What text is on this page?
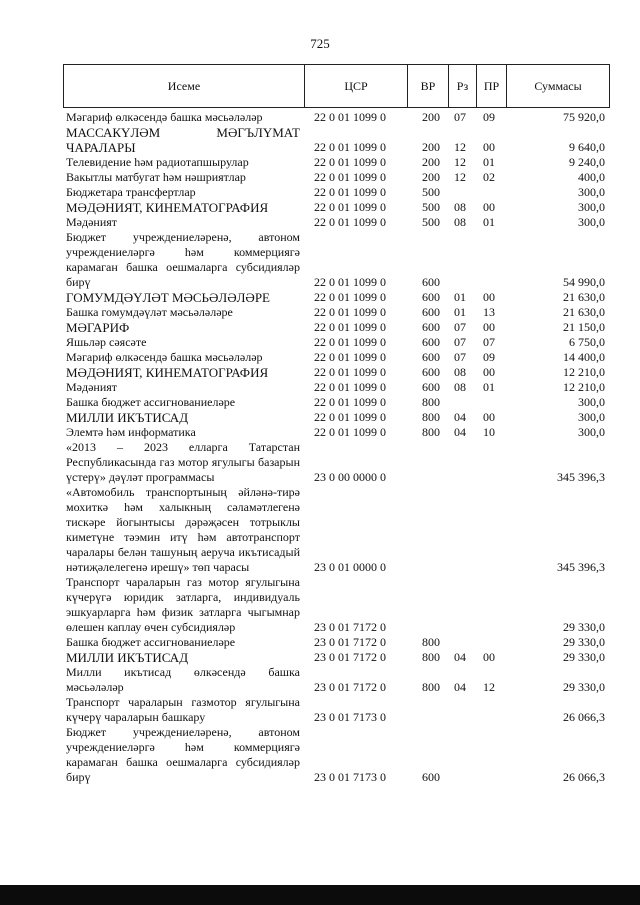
725
Исеме	ЦСР	ВР	Рз	ПР	Суммасы
Мәгариф өлкәсендә башка мәсьәләләр	22 0 01 1099 0	200	07	09	75 920,0
МАССАКҮЛӘМ МӘГЪЛҮМАТ ЧАРАЛАРЫ	22 0 01 1099 0	200	12	00	9 640,0
Телевидение һәм радиотапшырулар	22 0 01 1099 0	200	12	01	9 240,0
Вакытлы матбугат һәм нәшриятлар	22 0 01 1099 0	200	12	02	400,0
Бюджетара трансфертлар	22 0 01 1099 0	500			300,0
МӘДӘНИЯТ, КИНЕМАТОГРАФИЯ	22 0 01 1099 0	500	08	00	300,0
Мәдәният	22 0 01 1099 0	500	08	01	300,0
Бюджет учреждениеләренә, автоном учреждениеләргә һәм коммерциягә карамаган башка оешмаларга субсидияләр бирү	22 0 01 1099 0	600			54 990,0
ГОМУМДӘҮЛӘТ МӘСЬӘЛӘЛӘРЕ	22 0 01 1099 0	600	01	00	21 630,0
Башка гомумдәүләт мәсьәләләре	22 0 01 1099 0	600	01	13	21 630,0
МӘГАРИФ	22 0 01 1099 0	600	07	00	21 150,0
Яшьләр сәясәте	22 0 01 1099 0	600	07	07	6 750,0
Мәгариф өлкәсендә башка мәсьәләләр	22 0 01 1099 0	600	07	09	14 400,0
МӘДӘНИЯТ, КИНЕМАТОГРАФИЯ	22 0 01 1099 0	600	08	00	12 210,0
Мәдәният	22 0 01 1099 0	600	08	01	12 210,0
Башка бюджет ассигнованиеләре	22 0 01 1099 0	800			300,0
МИЛЛИ ИКЪТИСАД	22 0 01 1099 0	800	04	00	300,0
Элемтә һәм информатика	22 0 01 1099 0	800	04	10	300,0
«2013 – 2023 елларга Татарстан Республикасында газ мотор ягулыгы базарын үстерү» дәүләт программасы	23 0 00 0000 0				345 396,3
«Автомобиль транспортының әйләнә-тирә мохиткә һәм халыкның сәламәтлегенә тискәре йогынтысы дәрәҗәсен тотрыклы киметүне тәэмин итү һәм автотранспорт чаралары белән ташуның аеруча икътисадый нәтиҗәлелегенә ирешү» төп чарасы	23 0 01 0000 0				345 396,3
Транспорт чараларын газ мотор ягулыгына күчерүгә юридик затларга, индивидуаль эшкуарларга һәм физик затларга чыгымнар өлешен каплау өчен субсидияләр	23 0 01 7172 0				29 330,0
Башка бюджет ассигнованиеләре	23 0 01 7172 0	800			29 330,0
МИЛЛИ ИКЪТИСАД	23 0 01 7172 0	800	04	00	29 330,0
Милли икътисад өлкәсендә башка мәсьәләләр	23 0 01 7172 0	800	04	12	29 330,0
Транспорт чараларын газмотор ягулыгына күчерү чараларын башкару	23 0 01 7173 0				26 066,3
Бюджет учреждениеләренә, автоном учреждениеләргә һәм коммерциягә карамаган башка оешмаларга субсидияләр бирү	23 0 01 7173 0	600			26 066,3
